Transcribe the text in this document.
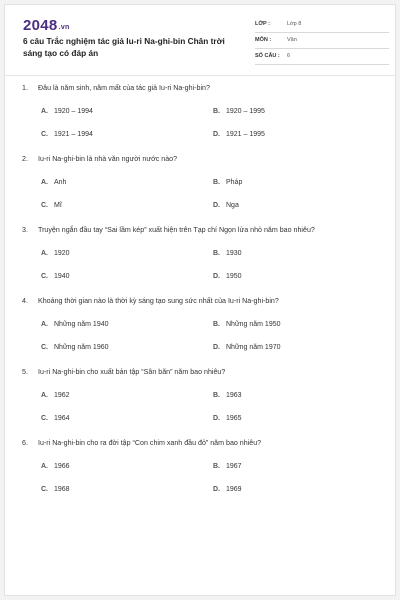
2048.vn
6 câu Trắc nghiệm tác giả Iu-ri Na-ghi-bin Chân trời sáng tạo có đáp án
LỚP :	Lớp 8
MÔN :	Văn
SỐ CÂU : 6
1. Đâu là năm sinh, năm mất của tác giả Iu-ri Na-ghi-bin?
A. 1920 – 1994	B. 1920 – 1995
C. 1921 – 1994	D. 1921 – 1995
2. Iu-ri Na-ghi-bin là nhà văn người nước nào?
A. Anh	B. Pháp
C. Mĩ	D. Nga
3. Truyện ngắn đầu tay “Sai lầm kép” xuất hiện trên Tạp chí Ngọn lửa nhỏ năm bao nhiêu?
A. 1920	B. 1930
C. 1940	D. 1950
4. Khoảng thời gian nào là thời kỳ sáng tạo sung sức nhất của Iu-ri Na-ghi-bin?
A. Những năm 1940	B. Những năm 1950
C. Những năm 1960	D. Những năm 1970
5. Iu-ri Na-ghi-bin cho xuất bản tập “Sân bãn” năm bao nhiêu?
A. 1962	B. 1963
C. 1964	D. 1965
6. Iu-ri Na-ghi-bin cho ra đời tập “Con chim xanh đầu đỏ” năm bao nhiêu?
A. 1966	B. 1967
C. 1968	D. 1969
